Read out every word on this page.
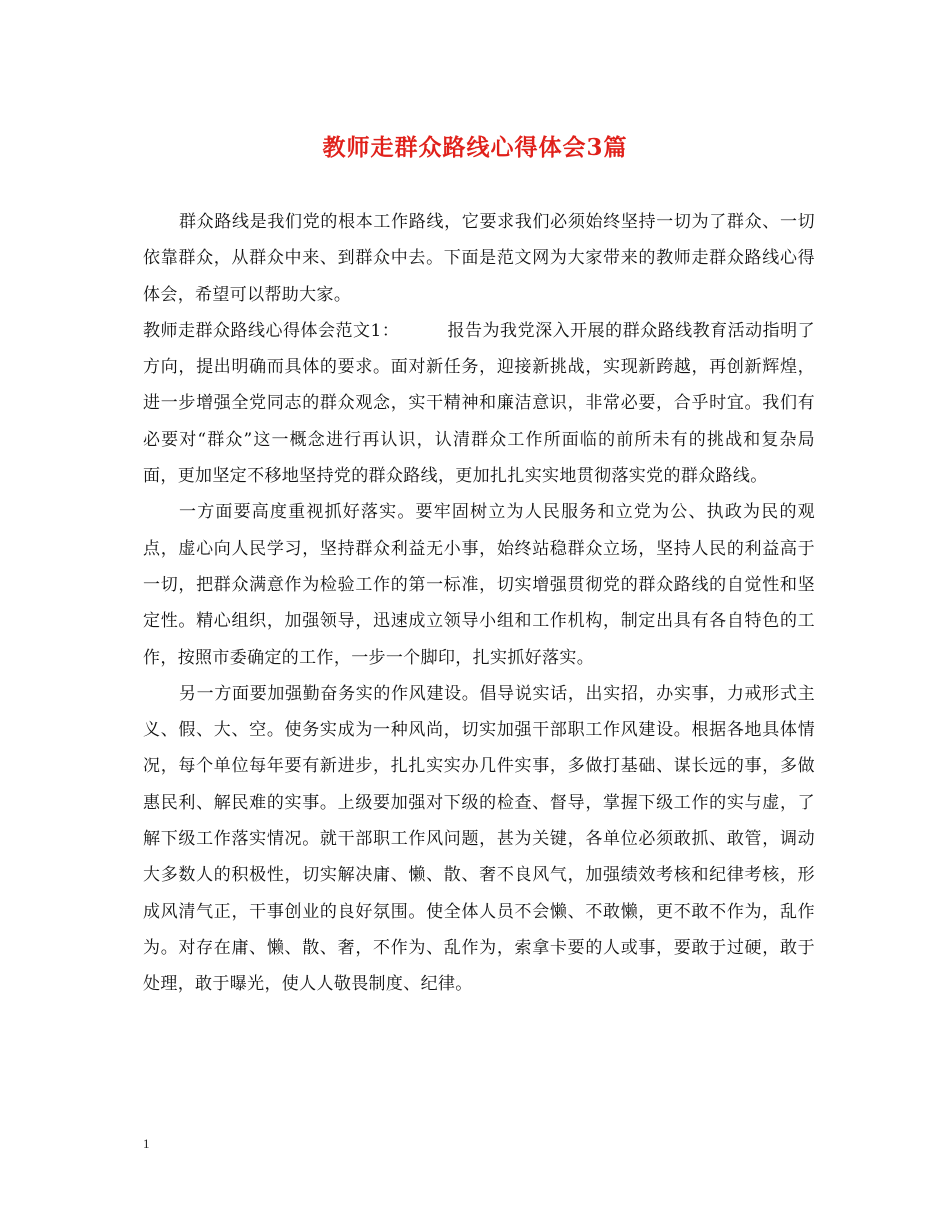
教师走群众路线心得体会3篇

群众路线是我们党的根本工作路线，它要求我们必须始终坚持一切为了群众、一切依靠群众，从群众中来、到群众中去。下面是范文网为大家带来的教师走群众路线心得体会，希望可以帮助大家。

教师走群众路线心得体会范文1：	报告为我党深入开展的群众路线教育活动指明了方向，提出明确而具体的要求。面对新任务，迎接新挑战，实现新跨越，再创新辉煌，进一步增强全党同志的群众观念，实干精神和廉洁意识，非常必要，合乎时宜。我们有必要对“群众”这一概念进行再认识，认清群众工作所面临的前所未有的挑战和复杂局面，更加坚定不移地坚持党的群众路线，更加扎扎实实地贯彻落实党的群众路线。

一方面要高度重视抓好落实。要牢固树立为人民服务和立党为公、执政为民的观点，虚心向人民学习，坚持群众利益无小事，始终站稳群众立场，坚持人民的利益高于一切，把群众满意作为检验工作的第一标准，切实增强贯彻党的群众路线的自觉性和坚定性。精心组织，加强领导，迅速成立领导小组和工作机构，制定出具有各自特色的工作，按照市委确定的工作，一步一个脚印，扎实抓好落实。

另一方面要加强勤奋务实的作风建设。倡导说实话，出实招，办实事，力戒形式主义、假、大、空。使务实成为一种风尚，切实加强干部职工作风建设。根据各地具体情况，每个单位每年要有新进步，扎扎实实办几件实事，多做打基础、谋长远的事，多做惠民利、解民难的实事。上级要加强对下级的检查、督导，掌握下级工作的实与虚，了解下级工作落实情况。就干部职工作风问题，甚为关键，各单位必须敢抓、敢管，调动大多数人的积极性，切实解决庸、懒、散、奢不良风气，加强绩效考核和纪律考核，形成风清气正，干事创业的良好氛围。使全体人员不会懒、不敢懒，更不敢不作为，乱作为。对存在庸、懒、散、奢，不作为、乱作为，索拿卡要的人或事，要敢于过硬，敢于处理，敢于曝光，使人人敬畏制度、纪律。

1
